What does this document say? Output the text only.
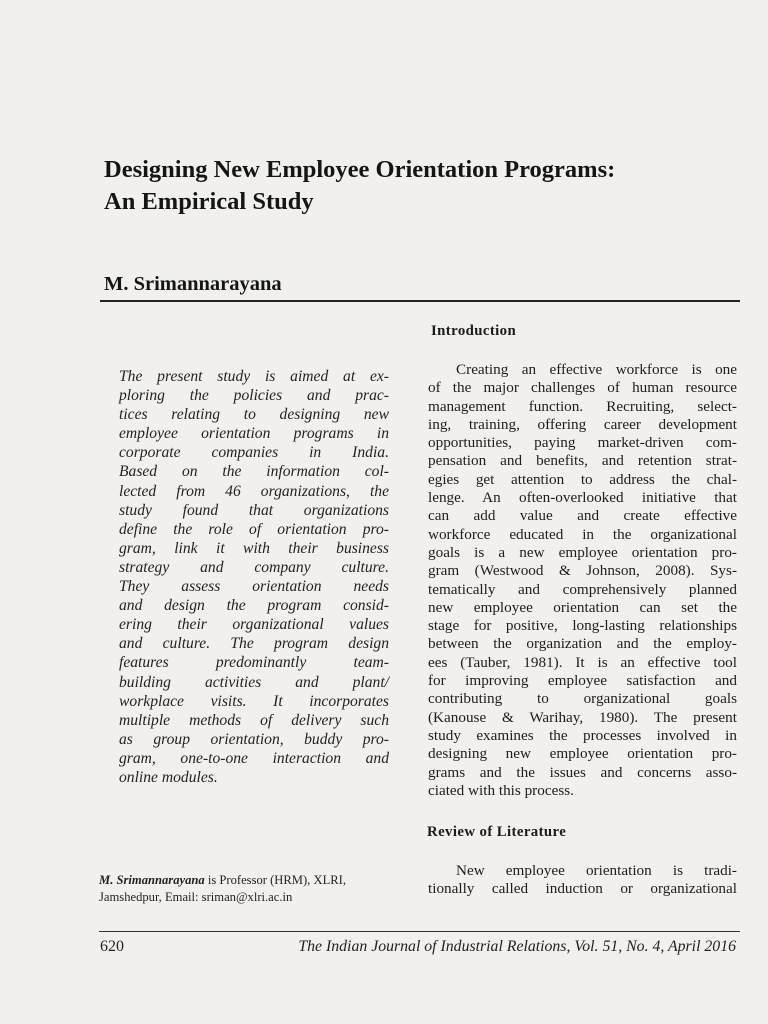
Designing New Employee Orientation Programs:
An Empirical Study
M. Srimannarayana
The present study is aimed at ex-
ploring the policies and prac-
tices relating to designing new
employee orientation programs in
corporate companies in India.
Based on the information col-
lected from 46 organizations, the
study found that organizations
define the role of orientation pro-
gram, link it with their business
strategy and company culture.
They assess orientation needs
and design the program consid-
ering their organizational values
and culture. The program design
features predominantly team-
building activities and plant/
workplace visits. It incorporates
multiple methods of delivery such
as group orientation, buddy pro-
gram, one-to-one interaction and
online modules.
M. Srimannarayana is Professor (HRM), XLRI,
Jamshedpur, Email: sriman@xlri.ac.in
Introduction
Creating an effective workforce is one
of the major challenges of human resource
management function. Recruiting, select-
ing, training, offering career development
opportunities, paying market-driven com-
pensation and benefits, and retention strat-
egies get attention to address the chal-
lenge. An often-overlooked initiative that
can add value and create effective
workforce educated in the organizational
goals is a new employee orientation pro-
gram (Westwood & Johnson, 2008). Sys-
tematically and comprehensively planned
new employee orientation can set the
stage for positive, long-lasting relationships
between the organization and the employ-
ees (Tauber, 1981). It is an effective tool
for improving employee satisfaction and
contributing to organizational goals
(Kanouse & Warihay, 1980). The present
study examines the processes involved in
designing new employee orientation pro-
grams and the issues and concerns asso-
ciated with this process.
Review of Literature
New employee orientation is tradi-
tionally called induction or organizational
620	The Indian Journal of Industrial Relations, Vol. 51, No. 4, April 2016
